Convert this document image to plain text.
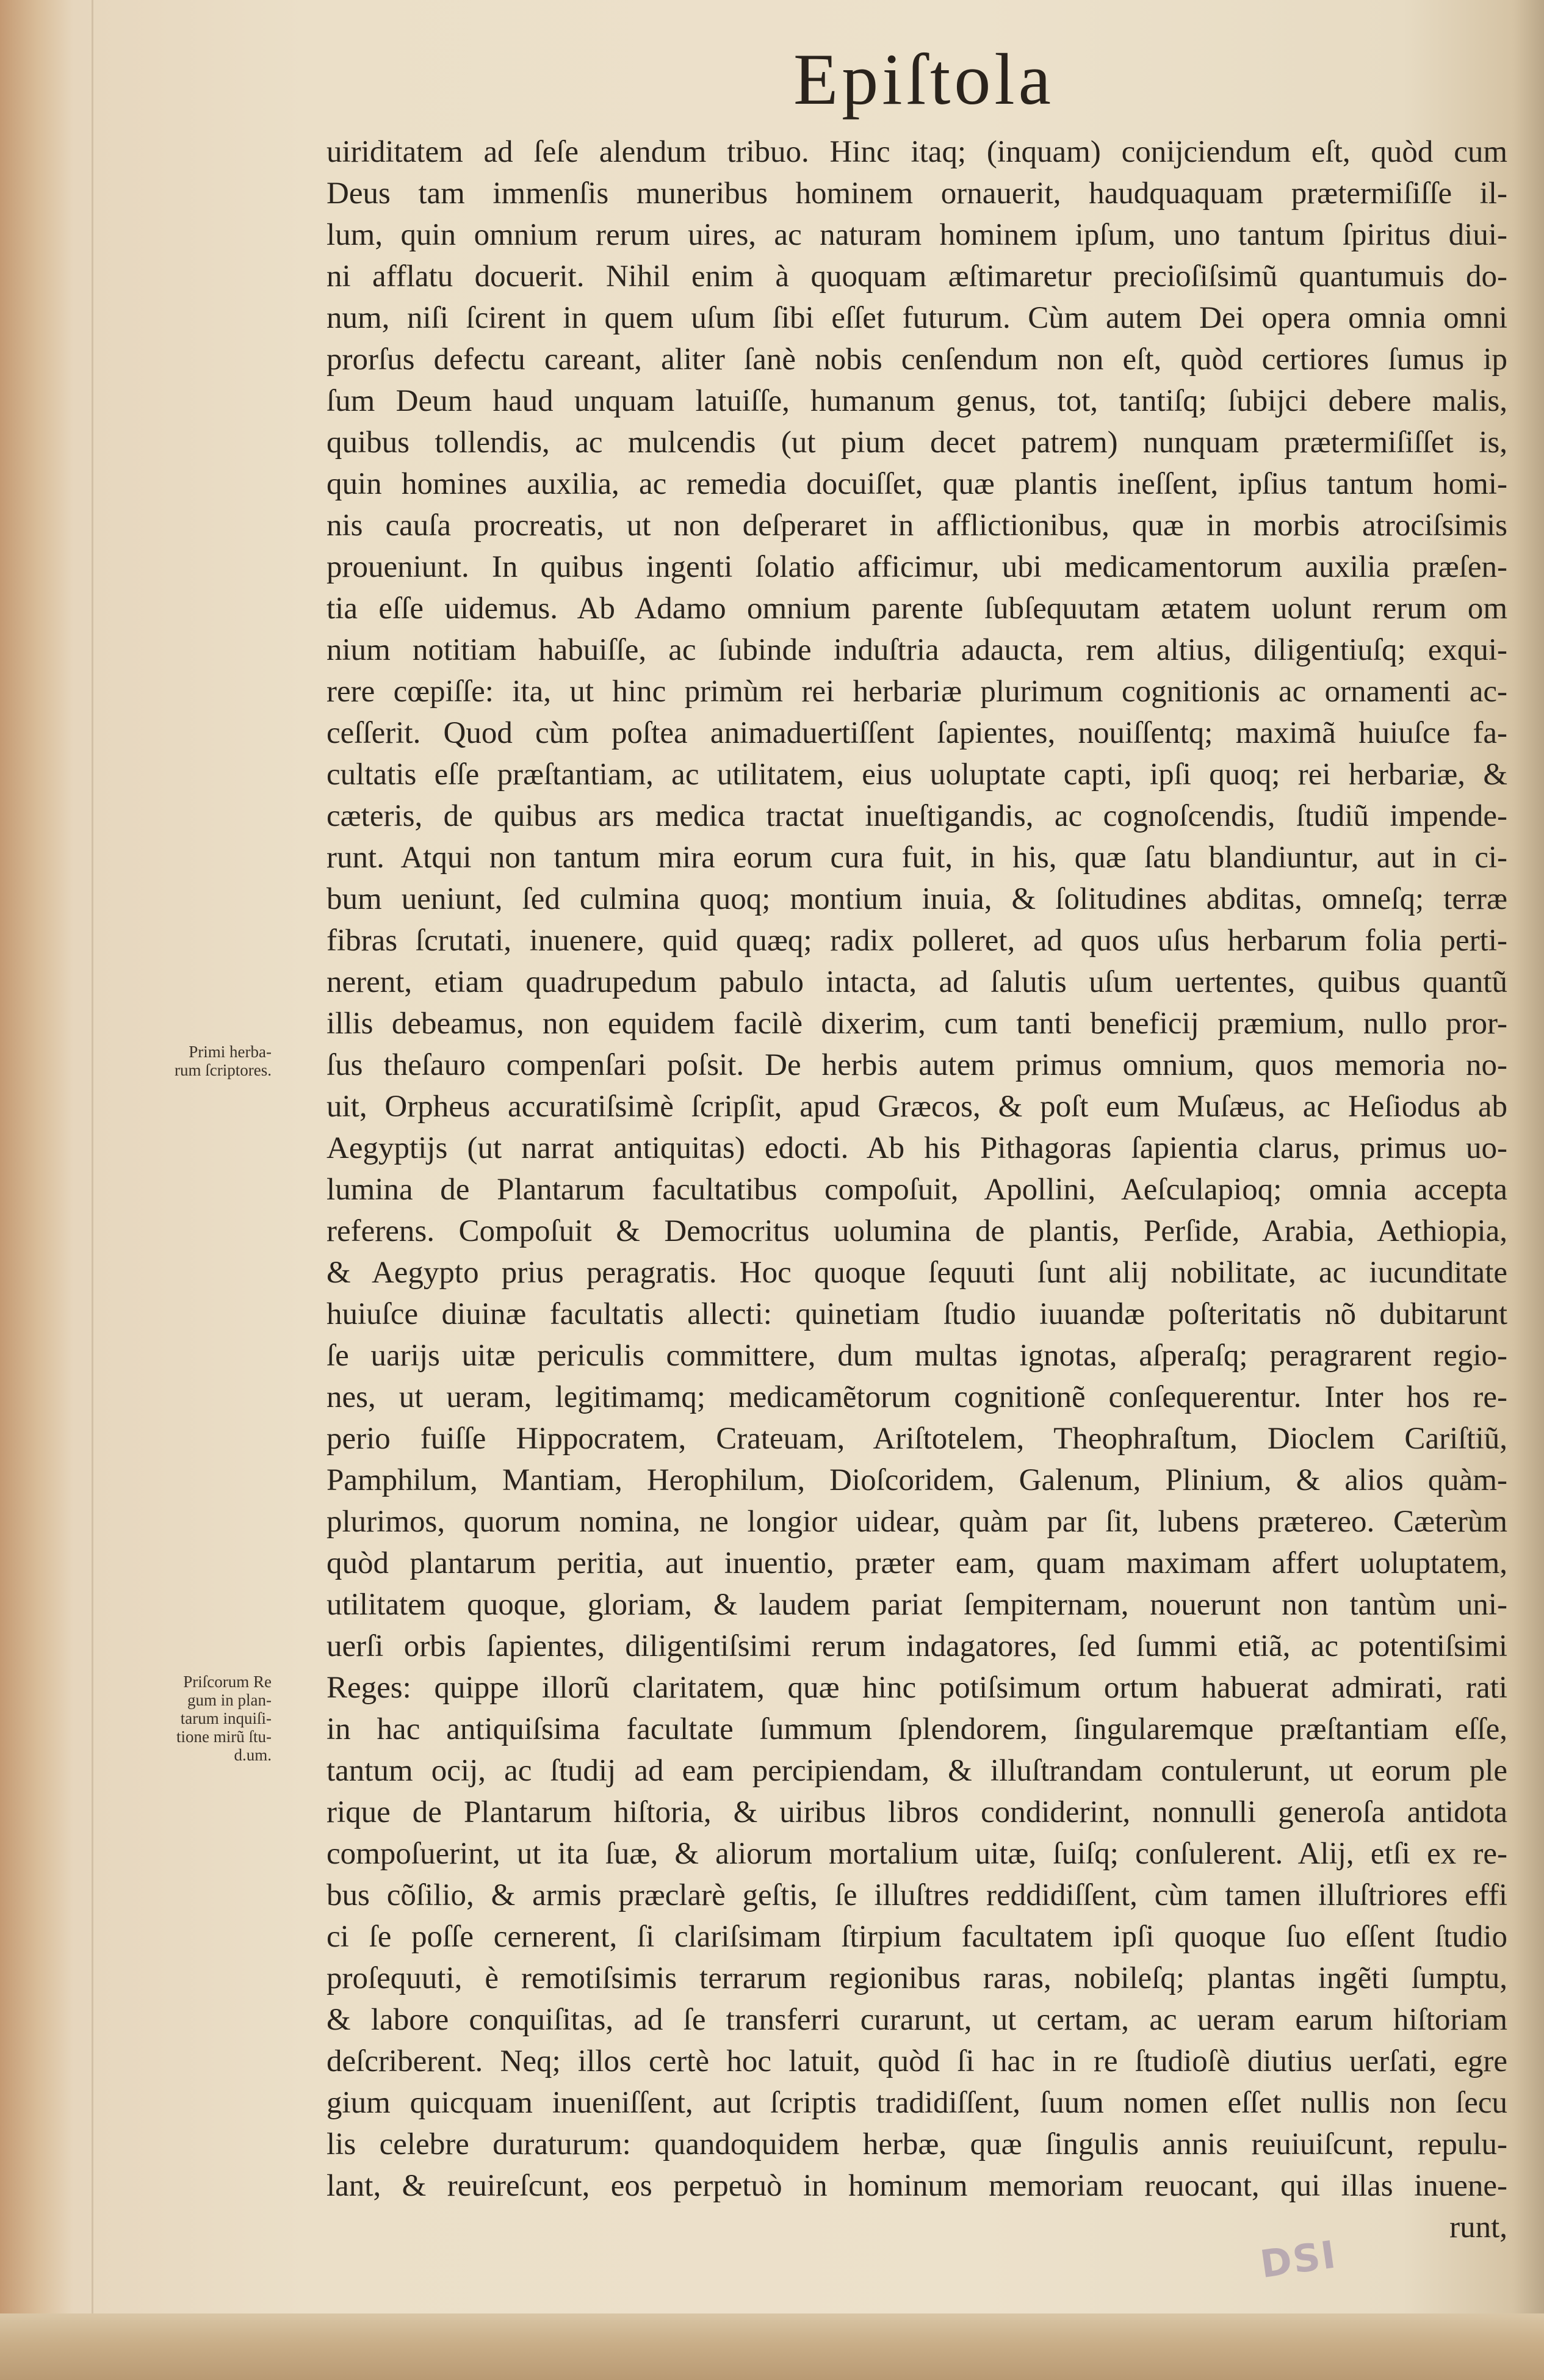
Epiſtola
uiriditatem ad ſeſe alendum tribuo. Hinc itaq; (inquam) conijciendum eſt, quòd cum
Deus tam immenſis muneribus hominem ornauerit, haudquaquam prætermiſiſſe il-
lum, quin omnium rerum uires, ac naturam hominem ipſum, uno tantum ſpiritus diui-
ni afflatu docuerit. Nihil enim à quoquam æſtimaretur precioſiſsimũ quantumuis do-
num, niſi ſcirent in quem uſum ſibi eſſet futurum. Cùm autem Dei opera omnia omni
prorſus defectu careant, aliter ſanè nobis cenſendum non eſt, quòd certiores ſumus ip
ſum Deum haud unquam latuiſſe, humanum genus, tot, tantiſq; ſubijci debere malis,
quibus tollendis, ac mulcendis (ut pium decet patrem) nunquam prætermiſiſſet is,
quin homines auxilia, ac remedia docuiſſet, quæ plantis ineſſent, ipſius tantum homi-
nis cauſa procreatis, ut non deſperaret in afflictionibus, quæ in morbis atrociſsimis
proueniunt. In quibus ingenti ſolatio afficimur, ubi medicamentorum auxilia præſen-
tia eſſe uidemus. Ab Adamo omnium parente ſubſequutam ætatem uolunt rerum om
nium notitiam habuiſſe, ac ſubinde induſtria adaucta, rem altius, diligentiuſq; exqui-
rere cœpiſſe: ita, ut hinc primùm rei herbariæ plurimum cognitionis ac ornamenti ac-
ceſſerit. Quod cùm poſtea animaduertiſſent ſapientes, nouiſſentq; maximã huiuſce fa-
cultatis eſſe præſtantiam, ac utilitatem, eius uoluptate capti, ipſi quoq; rei herbariæ, &
cæteris, de quibus ars medica tractat inueſtigandis, ac cognoſcendis, ſtudiũ impende-
runt. Atqui non tantum mira eorum cura fuit, in his, quæ ſatu blandiuntur, aut in ci-
bum ueniunt, ſed culmina quoq; montium inuia, & ſolitudines abditas, omneſq; terræ
fibras ſcrutati, inuenere, quid quæq; radix polleret, ad quos uſus herbarum folia perti-
nerent, etiam quadrupedum pabulo intacta, ad ſalutis uſum uertentes, quibus quantũ
illis debeamus, non equidem facilè dixerim, cum tanti beneficij præmium, nullo pror-
ſus theſauro compenſari poſsit. De herbis autem primus omnium, quos memoria no-
uit, Orpheus accuratiſsimè ſcripſit, apud Græcos, & poſt eum Muſæus, ac Heſiodus ab
Aegyptijs (ut narrat antiquitas) edocti. Ab his Pithagoras ſapientia clarus, primus uo-
lumina de Plantarum facultatibus compoſuit, Apollini, Aeſculapioq; omnia accepta
referens. Compoſuit & Democritus uolumina de plantis, Perſide, Arabia, Aethiopia,
& Aegypto prius peragratis. Hoc quoque ſequuti ſunt alij nobilitate, ac iucunditate
huiuſce diuinæ facultatis allecti: quinetiam ſtudio iuuandæ poſteritatis nõ dubitarunt
ſe uarijs uitæ periculis committere, dum multas ignotas, aſperaſq; peragrarent regio-
nes, ut ueram, legitimamq; medicamẽtorum cognitionẽ conſequerentur. Inter hos re-
perio fuiſſe Hippocratem, Crateuam, Ariſtotelem, Theophraſtum, Dioclem Cariſtiũ,
Pamphilum, Mantiam, Herophilum, Dioſcoridem, Galenum, Plinium, & alios quàm-
plurimos, quorum nomina, ne longior uidear, quàm par ſit, lubens prætereo. Cæterùm
quòd plantarum peritia, aut inuentio, præter eam, quam maximam affert uoluptatem,
utilitatem quoque, gloriam, & laudem pariat ſempiternam, nouerunt non tantùm uni-
uerſi orbis ſapientes, diligentiſsimi rerum indagatores, ſed ſummi etiã, ac potentiſsimi
Reges: quippe illorũ claritatem, quæ hinc potiſsimum ortum habuerat admirati, rati
in hac antiquiſsima facultate ſummum ſplendorem, ſingularemque præſtantiam eſſe,
tantum ocij, ac ſtudij ad eam percipiendam, & illuſtrandam contulerunt, ut eorum ple
rique de Plantarum hiſtoria, & uiribus libros condiderint, nonnulli generoſa antidota
compoſuerint, ut ita ſuæ, & aliorum mortalium uitæ, ſuiſq; conſulerent. Alij, etſi ex re-
bus cõſilio, & armis præclarè geſtis, ſe illuſtres reddidiſſent, cùm tamen illuſtriores effi
ci ſe poſſe cernerent, ſi clariſsimam ſtirpium facultatem ipſi quoque ſuo eſſent ſtudio
proſequuti, è remotiſsimis terrarum regionibus raras, nobileſq; plantas ingẽti ſumptu,
& labore conquiſitas, ad ſe transferri curarunt, ut certam, ac ueram earum hiſtoriam
deſcriberent. Neq; illos certè hoc latuit, quòd ſi hac in re ſtudioſè diutius uerſati, egre
gium quicquam inueniſſent, aut ſcriptis tradidiſſent, ſuum nomen eſſet nullis non ſecu
lis celebre duraturum: quandoquidem herbæ, quæ ſingulis annis reuiuiſcunt, repulu-
lant, & reuireſcunt, eos perpetuò in hominum memoriam reuocant, qui illas inuene-
runt,
Primi herba-
rum ſcriptores.
Priſcorum Re
gum in plan-
tarum inquiſi-
tione mirũ ſtu-
d.um.
DSI
